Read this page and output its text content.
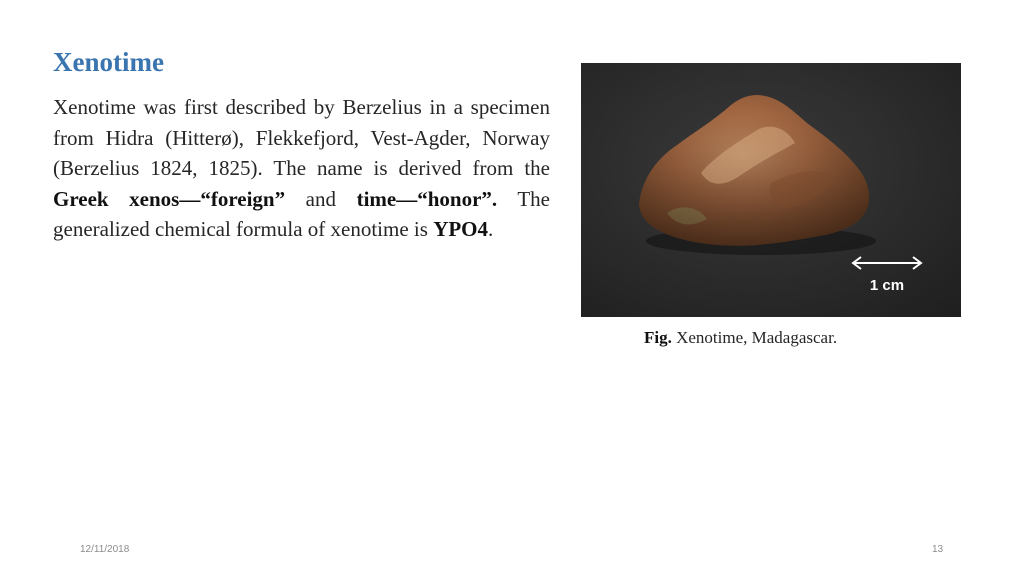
Xenotime
Xenotime was first described by Berzelius in a specimen from Hidra (Hitterø), Flekkefjord, Vest-Agder, Norway (Berzelius 1824, 1825). The name is derived from the Greek xenos—“foreign” and time—“honor”. The generalized chemical formula of xenotime is YPO4.
1 cm
Fig. Xenotime, Madagascar.
12/11/2018	13
